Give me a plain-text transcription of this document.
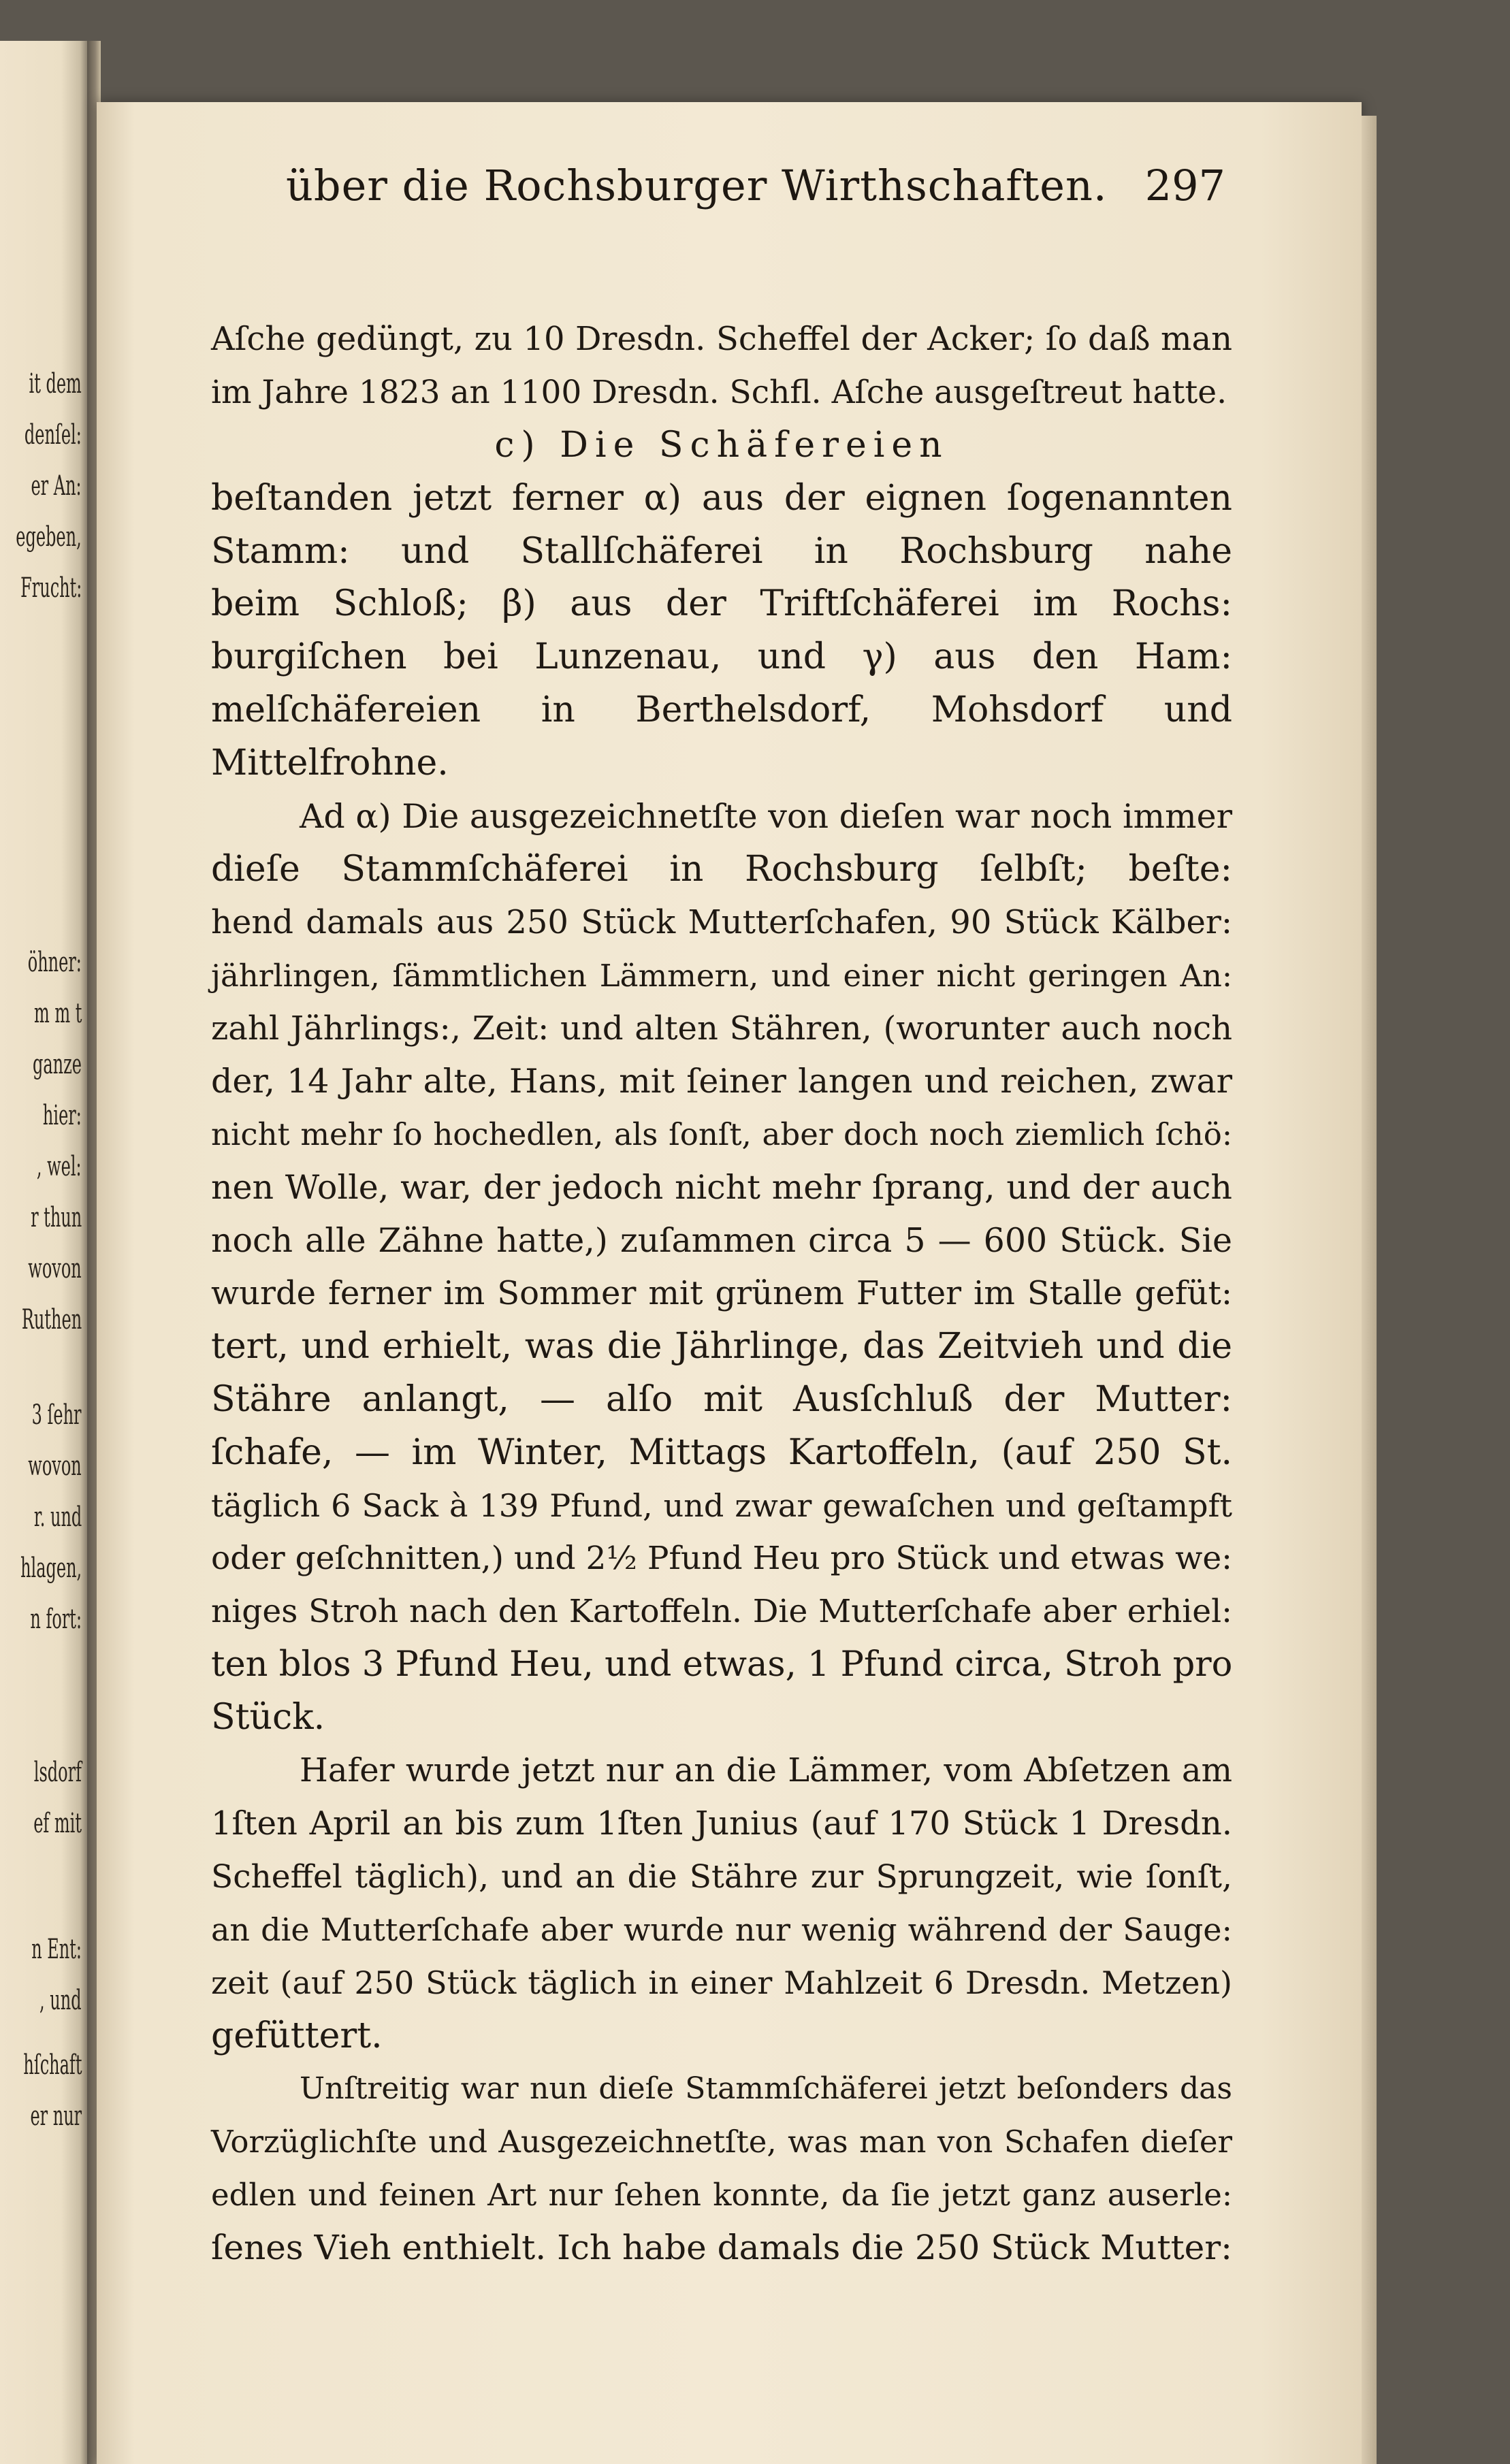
it dem
denſel:
er An:
egeben,
Frucht:
öhner:
m m t
ganze
hier:
, wel:
r thun
wovon
Ruthen
3 ſehr
wovon
r. und
hlagen,
n fort:
lsdorf
ef mit
n Ent:
, und
hſchaft
er nur
über die Rochsburger Wirthschaften. 297
Aſche gedüngt, zu 10 Dresdn. Scheffel der Acker; ſo daß man
im Jahre 1823 an 1100 Dresdn. Schfl. Aſche ausgeſtreut hatte.
c) Die Schäfereien
beſtanden jetzt ferner α) aus der eignen ſogenannten
Stamm: und Stallſchäferei in Rochsburg nahe
beim Schloß; β) aus der Triftſchäferei im Rochs:
burgiſchen bei Lunzenau, und γ) aus den Ham:
melſchäfereien in Berthelsdorf, Mohsdorf und
Mittelfrohne.
Ad α) Die ausgezeichnetſte von dieſen war noch immer
dieſe Stammſchäferei in Rochsburg ſelbſt; beſte:
hend damals aus 250 Stück Mutterſchafen, 90 Stück Kälber:
jährlingen, ſämmtlichen Lämmern, und einer nicht geringen An:
zahl Jährlings:, Zeit: und alten Stähren, (worunter auch noch
der, 14 Jahr alte, Hans, mit ſeiner langen und reichen, zwar
nicht mehr ſo hochedlen, als ſonſt, aber doch noch ziemlich ſchö:
nen Wolle, war, der jedoch nicht mehr ſprang, und der auch
noch alle Zähne hatte,) zuſammen circa 5 — 600 Stück. Sie
wurde ferner im Sommer mit grünem Futter im Stalle gefüt:
tert, und erhielt, was die Jährlinge, das Zeitvieh und die
Stähre anlangt, — alſo mit Ausſchluß der Mutter:
ſchafe, — im Winter, Mittags Kartoffeln, (auf 250 St.
täglich 6 Sack à 139 Pfund, und zwar gewaſchen und geſtampft
oder geſchnitten,) und 2½ Pfund Heu pro Stück und etwas we:
niges Stroh nach den Kartoffeln. Die Mutterſchafe aber erhiel:
ten blos 3 Pfund Heu, und etwas, 1 Pfund circa, Stroh pro
Stück.
Hafer wurde jetzt nur an die Lämmer, vom Abſetzen am
1ſten April an bis zum 1ſten Junius (auf 170 Stück 1 Dresdn.
Scheffel täglich), und an die Stähre zur Sprungzeit, wie ſonſt,
an die Mutterſchafe aber wurde nur wenig während der Sauge:
zeit (auf 250 Stück täglich in einer Mahlzeit 6 Dresdn. Metzen)
gefüttert.
Unſtreitig war nun dieſe Stammſchäferei jetzt beſonders das
Vorzüglichſte und Ausgezeichnetſte, was man von Schafen dieſer
edlen und feinen Art nur ſehen konnte, da ſie jetzt ganz auserle:
ſenes Vieh enthielt. Ich habe damals die 250 Stück Mutter:
